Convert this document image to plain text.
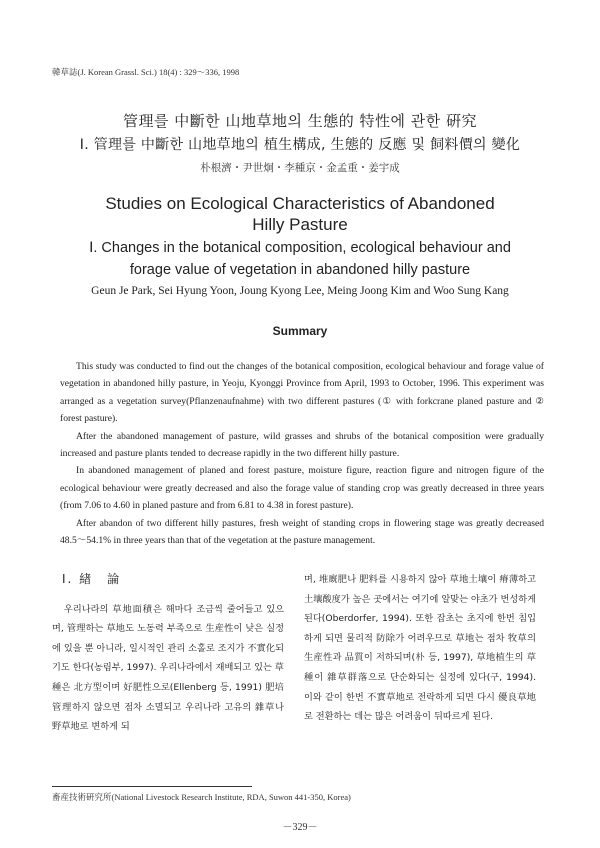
韓草誌(J. Korean Grassl. Sci.) 18(4) : 329～336, 1998
管理를 中斷한 山地草地의 生態的 特性에 관한 硏究
Ⅰ. 管理를 中斷한 山地草地의 植生構成, 生態的 反應 및 飼料價의 變化
朴根濟・尹世炯・李種京・金孟重・姜宇成
Studies on Ecological Characteristics of Abandoned
Hilly Pasture
Ⅰ. Changes in the botanical composition, ecological behaviour and
forage value of vegetation in abandoned hilly pasture
Geun Je Park, Sei Hyung Yoon, Joung Kyong Lee, Meing Joong Kim and Woo Sung Kang
Summary

This study was conducted to find out the changes of the botanical composition, ecological behaviour and forage value of vegetation in abandoned hilly pasture, in Yeoju, Kyonggi Province from April, 1993 to October, 1996. This experiment was arranged as a vegetation survey(Pflanzenaufnahme) with two different pastures (① with forkcrane planed pasture and ② forest pasture).

After the abandoned management of pasture, wild grasses and shrubs of the botanical composition were gradually increased and pasture plants tended to decrease rapidly in the two different hilly pasture.

In abandoned management of planed and forest pasture, moisture figure, reaction figure and nitrogen figure of the ecological behaviour were greatly decreased and also the forage value of standing crop was greatly decreased in three years (from 7.06 to 4.60 in planed pasture and from 6.81 to 4.38 in forest pasture).

After abandon of two different hilly pastures, fresh weight of standing crops in flowering stage was greatly decreased 48.5～54.1% in three years than that of the vegetation at the pasture management.

Ⅰ. 緖　論

우리나라의 草地面積은 해마다 조금씩 줄어들고 있으며, 管理하는 草地도 노동력 부족으로 生産性이 낮은 실정에 있을 뿐 아니라, 일시적인 관리 소홀로 조지가 不實化되기도 한다(농림부, 1997). 우리나라에서 재배되고 있는 草種은 北方型이며 好肥性으로(Ellenberg 등, 1991) 肥培管理하지 않으면 점차 소멸되고 우리나라 고유의 雜草나 野草地로 변하게 되

며, 堆廐肥나 肥料를 시용하지 않아 草地土壤이 瘠薄하고 土壤酸度가 높은 곳에서는 여기에 알맞는 야초가 번성하게 된다(Oberdorfer, 1994). 또한 잡초는 초지에 한번 침입하게 되면 물리적 防除가 어려우므로 草地는 점차 牧草의 生産性과 品質이 저하되며(朴 등, 1997), 草地植生의 草種이 雜草群落으로 단순화되는 실정에 있다(구, 1994). 이와 같이 한번 不實草地로 전락하게 되면 다시 優良草地로 전환하는 데는 많은 어려움이 뒤따르게 된다.

畜産技術硏究所(National Livestock Research Institute, RDA, Suwon 441-350, Korea)
－329－
